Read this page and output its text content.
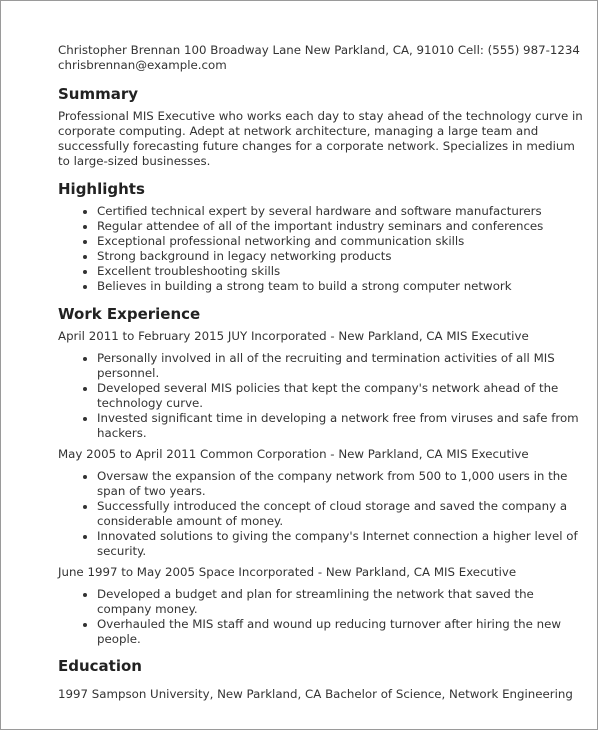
Christopher Brennan 100 Broadway Lane New Parkland, CA, 91010 Cell: (555) 987-1234

chrisbrennan@example.com

Summary

Professional MIS Executive who works each day to stay ahead of the technology curve in corporate computing. Adept at network architecture, managing a large team and successfully forecasting future changes for a corporate network. Specializes in medium to large-sized businesses.

Highlights
• Certified technical expert by several hardware and software manufacturers
• Regular attendee of all of the important industry seminars and conferences
• Exceptional professional networking and communication skills
• Strong background in legacy networking products
• Excellent troubleshooting skills
• Believes in building a strong team to build a strong computer network
Work Experience

April 2011 to February 2015 JUY Incorporated - New Parkland, CA MIS Executive

• Personally involved in all of the recruiting and termination activities of all MIS personnel.
• Developed several MIS policies that kept the company's network ahead of the technology curve.
• Invested significant time in developing a network free from viruses and safe from hackers.

May 2005 to April 2011 Common Corporation - New Parkland, CA MIS Executive

• Oversaw the expansion of the company network from 500 to 1,000 users in the span of two years.
• Successfully introduced the concept of cloud storage and saved the company a considerable amount of money.
• Innovated solutions to giving the company's Internet connection a higher level of security.

June 1997 to May 2005 Space Incorporated - New Parkland, CA MIS Executive

• Developed a budget and plan for streamlining the network that saved the company money.
• Overhauled the MIS staff and wound up reducing turnover after hiring the new people.
Education

1997 Sampson University, New Parkland, CA Bachelor of Science, Network Engineering
